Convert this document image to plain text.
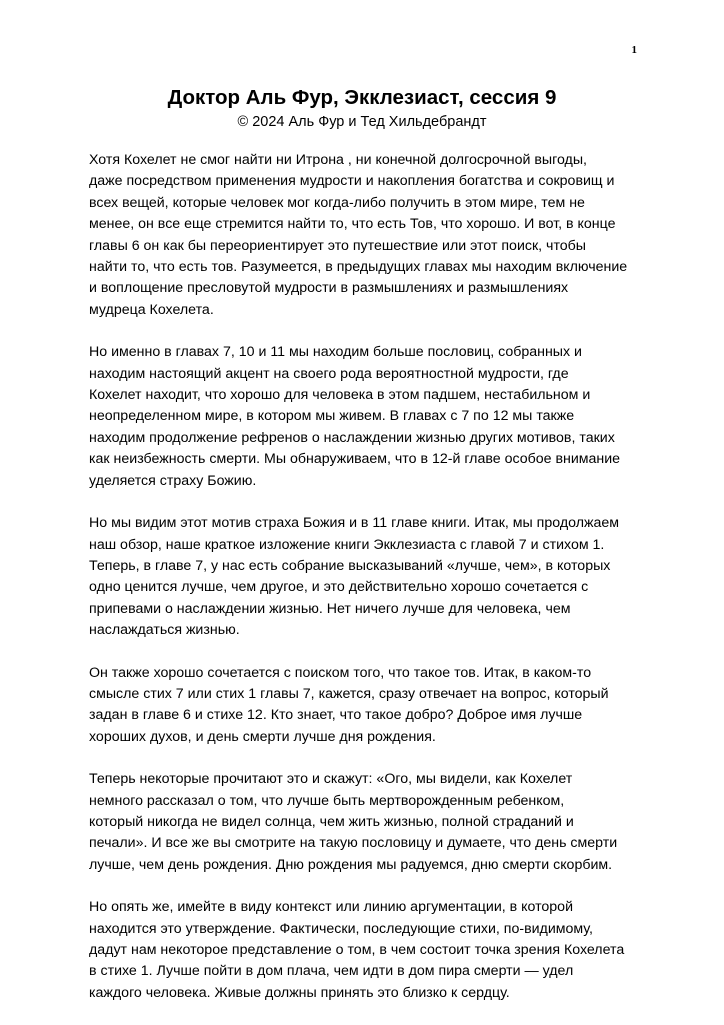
1
Доктор Аль Фур, Экклезиаст, сессия 9

© 2024 Аль Фур и Тед Хильдебрандт

Хотя Кохелет не смог найти ни Итрона , ни конечной долгосрочной выгоды,
даже посредством применения мудрости и накопления богатства и сокровищ и
всех вещей, которые человек мог когда-либо получить в этом мире, тем не
менее, он все еще стремится найти то, что есть Тов, что хорошо. И вот, в конце
главы 6 он как бы переориентирует это путешествие или этот поиск, чтобы
найти то, что есть тов. Разумеется, в предыдущих главах мы находим включение
и воплощение пресловутой мудрости в размышлениях и размышлениях
мудреца Кохелета.

Но именно в главах 7, 10 и 11 мы находим больше пословиц, собранных и
находим настоящий акцент на своего рода вероятностной мудрости, где
Кохелет находит, что хорошо для человека в этом падшем, нестабильном и
неопределенном мире, в котором мы живем. В главах с 7 по 12 мы также
находим продолжение рефренов о наслаждении жизнью других мотивов, таких
как неизбежность смерти. Мы обнаруживаем, что в 12-й главе особое внимание
уделяется страху Божию.

Но мы видим этот мотив страха Божия и в 11 главе книги. Итак, мы продолжаем
наш обзор, наше краткое изложение книги Экклезиаста с главой 7 и стихом 1.
Теперь, в главе 7, у нас есть собрание высказываний «лучше, чем», в которых
одно ценится лучше, чем другое, и это действительно хорошо сочетается с
припевами о наслаждении жизнью. Нет ничего лучше для человека, чем
наслаждаться жизнью.

Он также хорошо сочетается с поиском того, что такое тов. Итак, в каком-то
смысле стих 7 или стих 1 главы 7, кажется, сразу отвечает на вопрос, который
задан в главе 6 и стихе 12. Кто знает, что такое добро? Доброе имя лучше
хороших духов, и день смерти лучше дня рождения.

Теперь некоторые прочитают это и скажут: «Ого, мы видели, как Кохелет
немного рассказал о том, что лучше быть мертворожденным ребенком,
который никогда не видел солнца, чем жить жизнью, полной страданий и
печали». И все же вы смотрите на такую пословицу и думаете, что день смерти
лучше, чем день рождения. Дню рождения мы радуемся, дню смерти скорбим.

Но опять же, имейте в виду контекст или линию аргументации, в которой
находится это утверждение. Фактически, последующие стихи, по-видимому,
дадут нам некоторое представление о том, в чем состоит точка зрения Кохелета
в стихе 1. Лучше пойти в дом плача, чем идти в дом пира смерти — удел
каждого человека. Живые должны принять это близко к сердцу.
